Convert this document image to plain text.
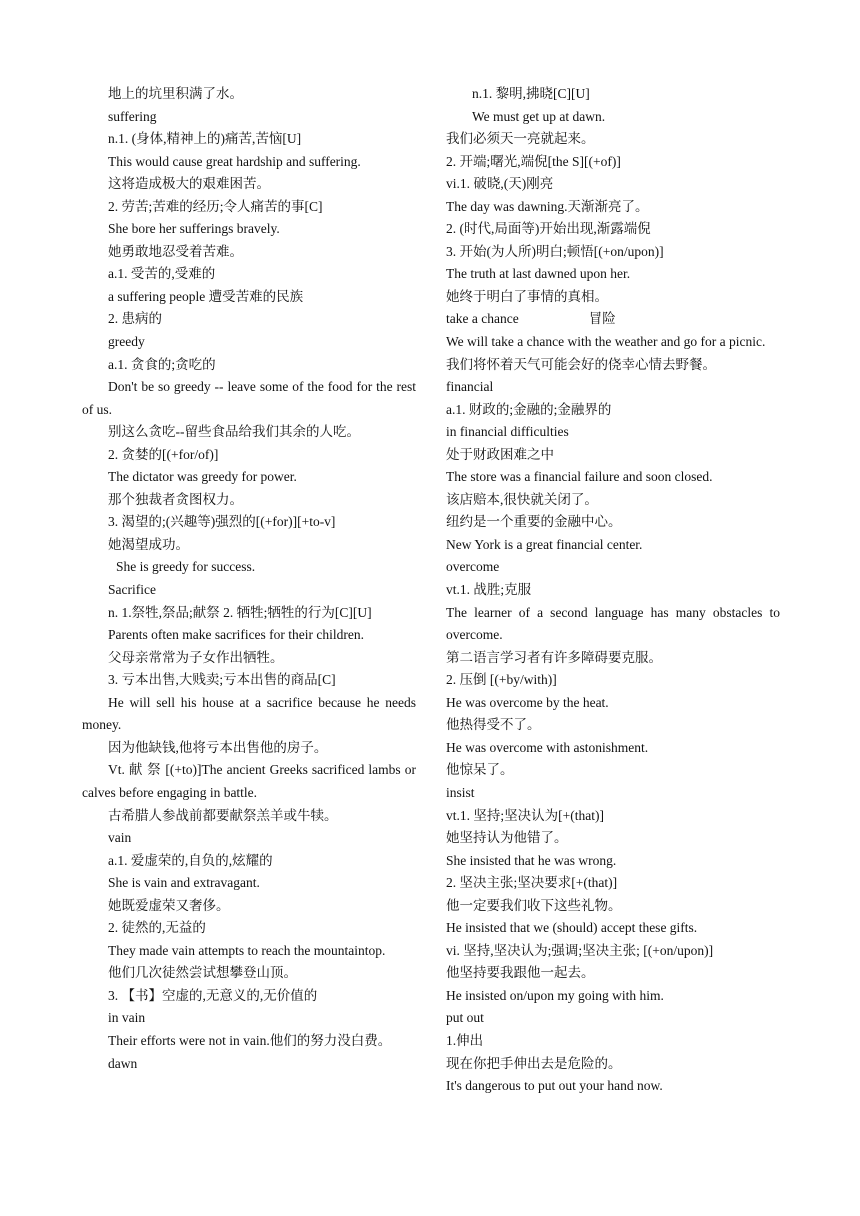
地上的坑里积满了水。
suffering
n.1. (身体,精神上的)痛苦,苦恼[U]
This would cause great hardship and suffering.
这将造成极大的艰难困苦。
2. 劳苦;苦难的经历;令人痛苦的事[C]
She bore her sufferings bravely.
她勇敢地忍受着苦难。
a.1. 受苦的,受难的
a suffering people 遭受苦难的民族
2. 患病的
greedy
a.1. 贪食的;贪吃的
Don't be so greedy -- leave some of the food for the rest of us.
别这么贪吃--留些食品给我们其余的人吃。
2. 贪婪的[(+for/of)]
The dictator was greedy for power.
那个独裁者贪图权力。
3. 渴望的;(兴趣等)强烈的[(+for)][+to-v]
她渴望成功。
She is greedy for success.
Sacrifice
n. 1.祭牲,祭品;献祭 2. 牺牲;牺牲的行为[C][U]
Parents often make sacrifices for their children.
父母亲常常为子女作出牺牲。
3. 亏本出售,大贱卖;亏本出售的商品[C]
He will sell his house at a sacrifice because he needs money.
因为他缺钱,他将亏本出售他的房子。
Vt. 献 祭 [(+to)]The ancient Greeks sacrificed lambs or calves before engaging in battle.
古希腊人参战前都要献祭羔羊或牛犊。
vain
a.1. 爱虚荣的,自负的,炫耀的
She is vain and extravagant.
她既爱虚荣又奢侈。
2. 徒然的,无益的
They made vain attempts to reach the mountaintop.
他们几次徒然尝试想攀登山顶。
3. 【书】空虚的,无意义的,无价值的
in vain
Their efforts were not in vain.他们的努力没白费。
dawn
n.1. 黎明,拂晓[C][U]
We must get up at dawn.
我们必须天一亮就起来。
2. 开端;曙光,端倪[the S][(+of)]
vi.1. 破晓,(天)刚亮
The day was dawning.天渐渐亮了。
2. (时代,局面等)开始出现,渐露端倪
3. 开始(为人所)明白;顿悟[(+on/upon)]
The truth at last dawned upon her.
她终于明白了事情的真相。
take a chance	冒险
We will take a chance with the weather and go for a picnic.
我们将怀着天气可能会好的侥幸心情去野餐。
financial
a.1. 财政的;金融的;金融界的
in financial difficulties
处于财政困难之中
The store was a financial failure and soon closed.
该店赔本,很快就关闭了。
纽约是一个重要的金融中心。
New York is a great financial center.
overcome
vt.1. 战胜;克服
The learner of a second language has many obstacles to overcome.
第二语言学习者有许多障碍要克服。
2. 压倒 [(+by/with)]
He was overcome by the heat.
他热得受不了。
He was overcome with astonishment.
他惊呆了。
insist
vt.1. 坚持;坚决认为[+(that)]
她坚持认为他错了。
She insisted that he was wrong.
2. 坚决主张;坚决要求[+(that)]
他一定要我们收下这些礼物。
He insisted that we (should) accept these gifts.
vi. 坚持,坚决认为;强调;坚决主张; [(+on/upon)]
他坚持要我跟他一起去。
He insisted on/upon my going with him.
put out
1.伸出
现在你把手伸出去是危险的。
It's dangerous to put out your hand now.
